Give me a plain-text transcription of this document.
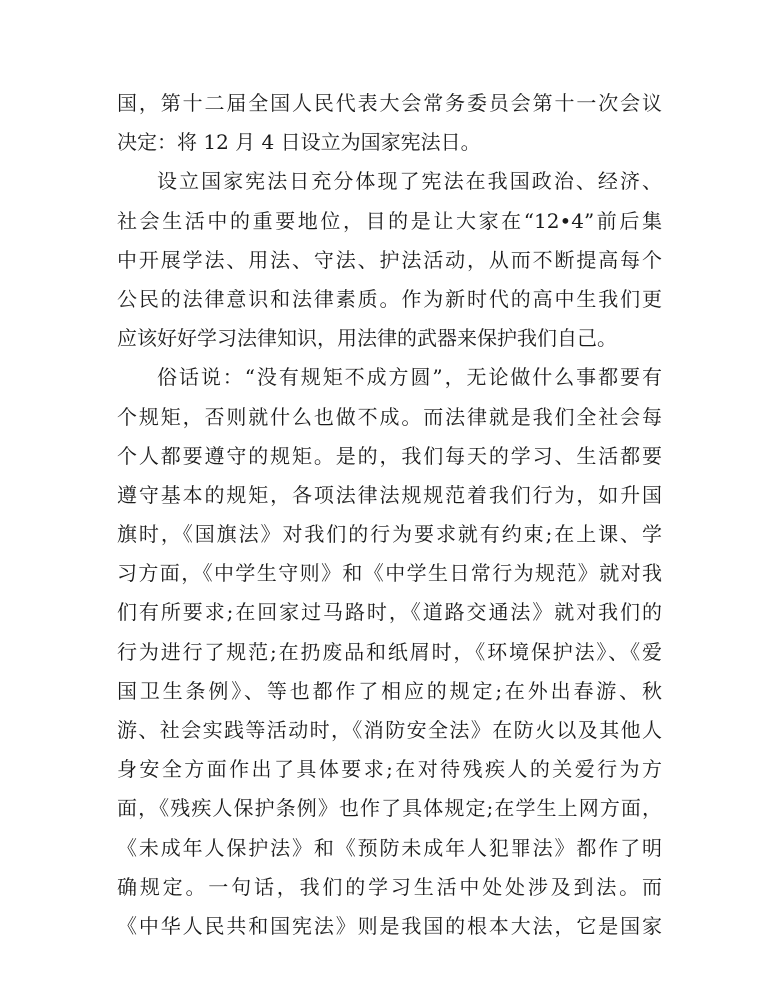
国，第十二届全国人民代表大会常务委员会第十一次会议
决定：将 12 月 4 日设立为国家宪法日。
设立国家宪法日充分体现了宪法在我国政治、经济、
社会生活中的重要地位，目的是让大家在“12•4”前后集
中开展学法、用法、守法、护法活动，从而不断提高每个
公民的法律意识和法律素质。作为新时代的高中生我们更
应该好好学习法律知识，用法律的武器来保护我们自己。
俗话说：“没有规矩不成方圆”，无论做什么事都要有
个规矩，否则就什么也做不成。而法律就是我们全社会每
个人都要遵守的规矩。是的，我们每天的学习、生活都要
遵守基本的规矩，各项法律法规规范着我们行为，如升国
旗时，《国旗法》对我们的行为要求就有约束;在上课、学
习方面，《中学生守则》和《中学生日常行为规范》就对我
们有所要求;在回家过马路时，《道路交通法》就对我们的
行为进行了规范;在扔废品和纸屑时，《环境保护法》、《爱
国卫生条例》、等也都作了相应的规定;在外出春游、秋
游、社会实践等活动时，《消防安全法》在防火以及其他人
身安全方面作出了具体要求;在对待残疾人的关爱行为方
面，《残疾人保护条例》也作了具体规定;在学生上网方面，
《未成年人保护法》和《预防未成年人犯罪法》都作了明
确规定。一句话，我们的学习生活中处处涉及到法。而
《中华人民共和国宪法》则是我国的根本大法，它是国家
